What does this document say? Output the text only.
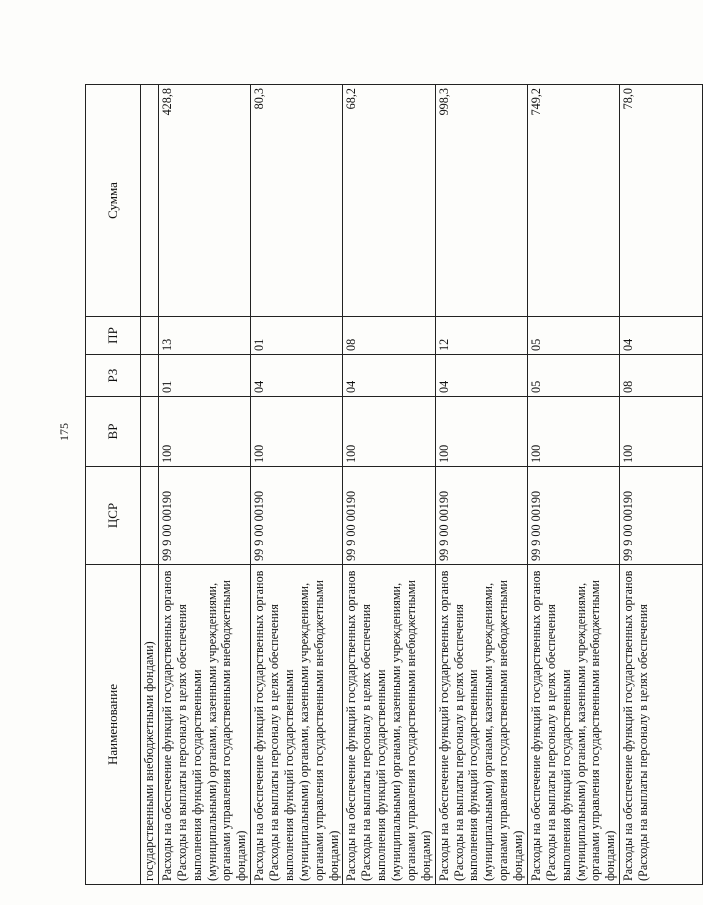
175
Наименование	ЦСР	ВР	РЗ	ПР	Сумма
государственными внебюджетными фондами)					
Расходы на обеспечение функций государственных органов (Расходы на выплаты персоналу в целях обеспечения выполнения функций государственными (муниципальными) органами, казенными учреждениями, органами управления государственными внебюджетными фондами)	99 9 00 00190	100	01	13	428,8
Расходы на обеспечение функций государственных органов (Расходы на выплаты персоналу в целях обеспечения выполнения функций государственными (муниципальными) органами, казенными учреждениями, органами управления государственными внебюджетными фондами)	99 9 00 00190	100	04	01	80,3
Расходы на обеспечение функций государственных органов (Расходы на выплаты персоналу в целях обеспечения выполнения функций государственными (муниципальными) органами, казенными учреждениями, органами управления государственными внебюджетными фондами)	99 9 00 00190	100	04	08	68,2
Расходы на обеспечение функций государственных органов (Расходы на выплаты персоналу в целях обеспечения выполнения функций государственными (муниципальными) органами, казенными учреждениями, органами управления государственными внебюджетными фондами)	99 9 00 00190	100	04	12	998,3
Расходы на обеспечение функций государственных органов (Расходы на выплаты персоналу в целях обеспечения выполнения функций государственными (муниципальными) органами, казенными учреждениями, органами управления государственными внебюджетными фондами)	99 9 00 00190	100	05	05	749,2
Расходы на обеспечение функций государственных органов (Расходы на выплаты персоналу в целях обеспечения	99 9 00 00190	100	08	04	78,0
